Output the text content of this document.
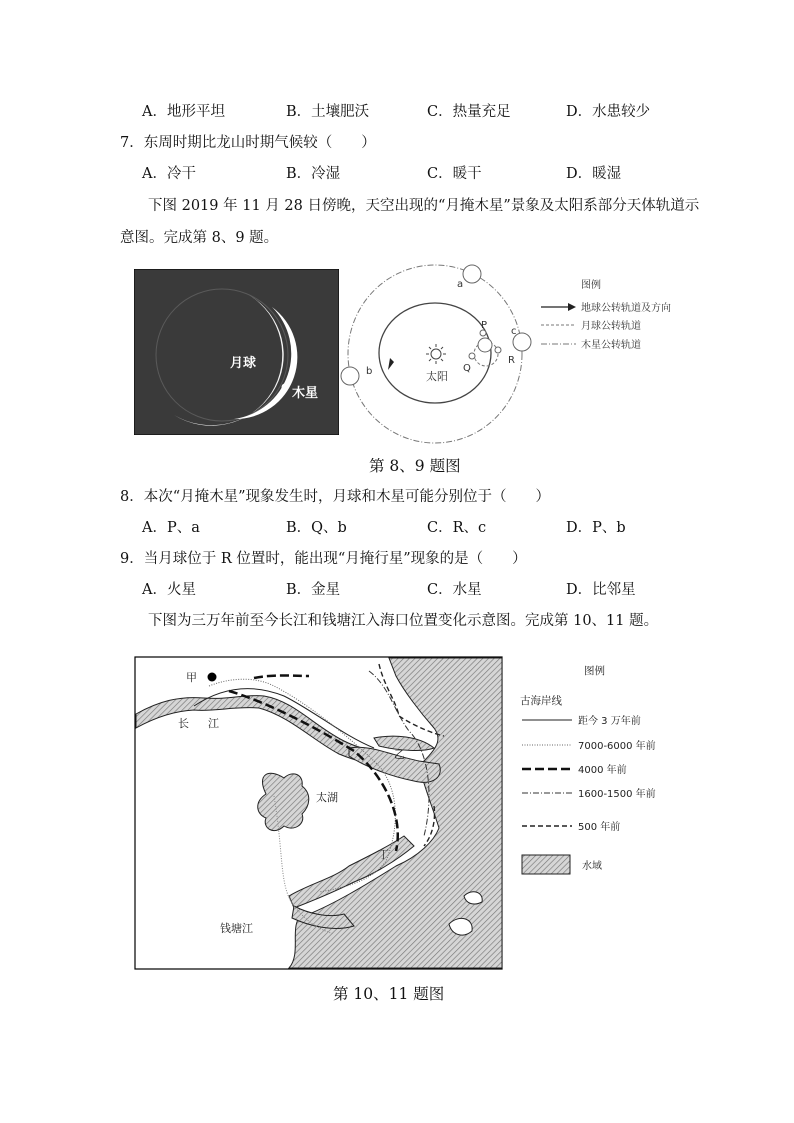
A．地形平坦	B．土壤肥沃	C．热量充足	D．水患较少
7．东周时期比龙山时期气候较（　　）
A．冷干	B．冷湿	C．暖干	D．暖湿
下图 2019 年 11 月 28 日傍晚，天空出现的“月掩木星”景象及太阳系部分天体轨道示
意图。完成第 8、9 题。
月球
木星
太阳
a
b
c
P
Q
R
图例
地球公转轨道及方向
月球公转轨道
木星公转轨道
第 8、9 题图
8．本次“月掩木星”现象发生时，月球和木星可能分别位于（　　）
A．P、a	B．Q、b	C．R、c	D．P、b
9．当月球位于 R 位置时，能出现“月掩行星”现象的是（　　）
A．火星	B．金星	C．水星	D．比邻星
下图为三万年前至今长江和钱塘江入海口位置变化示意图。完成第 10、11 题。
甲
长 江
乙
太湖
丁
钱塘江
图例
古海岸线
距今 3 万年前
7000-6000 年前
4000 年前
1600-1500 年前
500 年前
水域
第 10、11 题图
